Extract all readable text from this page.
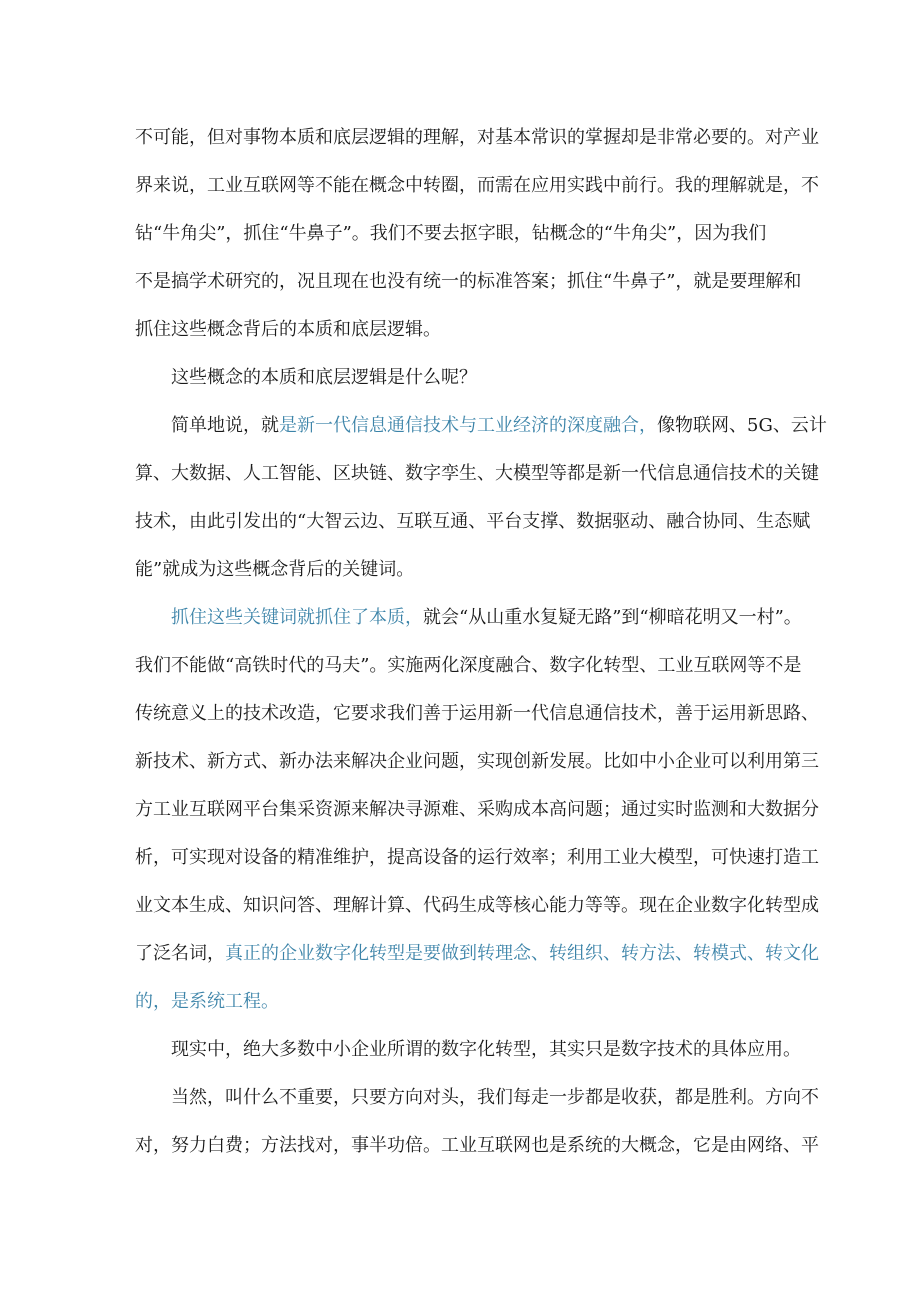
不可能，但对事物本质和底层逻辑的理解，对基本常识的掌握却是非常必要的。对产业
界来说，工业互联网等不能在概念中转圈，而需在应用实践中前行。我的理解就是，不
钻“牛角尖”，抓住“牛鼻子”。我们不要去抠字眼，钻概念的“牛角尖”，因为我们
不是搞学术研究的，况且现在也没有统一的标准答案；抓住“牛鼻子”，就是要理解和
抓住这些概念背后的本质和底层逻辑。
这些概念的本质和底层逻辑是什么呢？
简单地说，就是新一代信息通信技术与工业经济的深度融合，像物联网、5G、云计
算、大数据、人工智能、区块链、数字孪生、大模型等都是新一代信息通信技术的关键
技术，由此引发出的“大智云边、互联互通、平台支撑、数据驱动、融合协同、生态赋
能”就成为这些概念背后的关键词。
抓住这些关键词就抓住了本质，就会“从山重水复疑无路”到“柳暗花明又一村”。
我们不能做“高铁时代的马夫”。实施两化深度融合、数字化转型、工业互联网等不是
传统意义上的技术改造，它要求我们善于运用新一代信息通信技术，善于运用新思路、
新技术、新方式、新办法来解决企业问题，实现创新发展。比如中小企业可以利用第三
方工业互联网平台集采资源来解决寻源难、采购成本高问题；通过实时监测和大数据分
析，可实现对设备的精准维护，提高设备的运行效率；利用工业大模型，可快速打造工
业文本生成、知识问答、理解计算、代码生成等核心能力等等。现在企业数字化转型成
了泛名词，真正的企业数字化转型是要做到转理念、转组织、转方法、转模式、转文化
的，是系统工程。
现实中，绝大多数中小企业所谓的数字化转型，其实只是数字技术的具体应用。
当然，叫什么不重要，只要方向对头，我们每走一步都是收获，都是胜利。方向不
对，努力白费；方法找对，事半功倍。工业互联网也是系统的大概念，它是由网络、平
